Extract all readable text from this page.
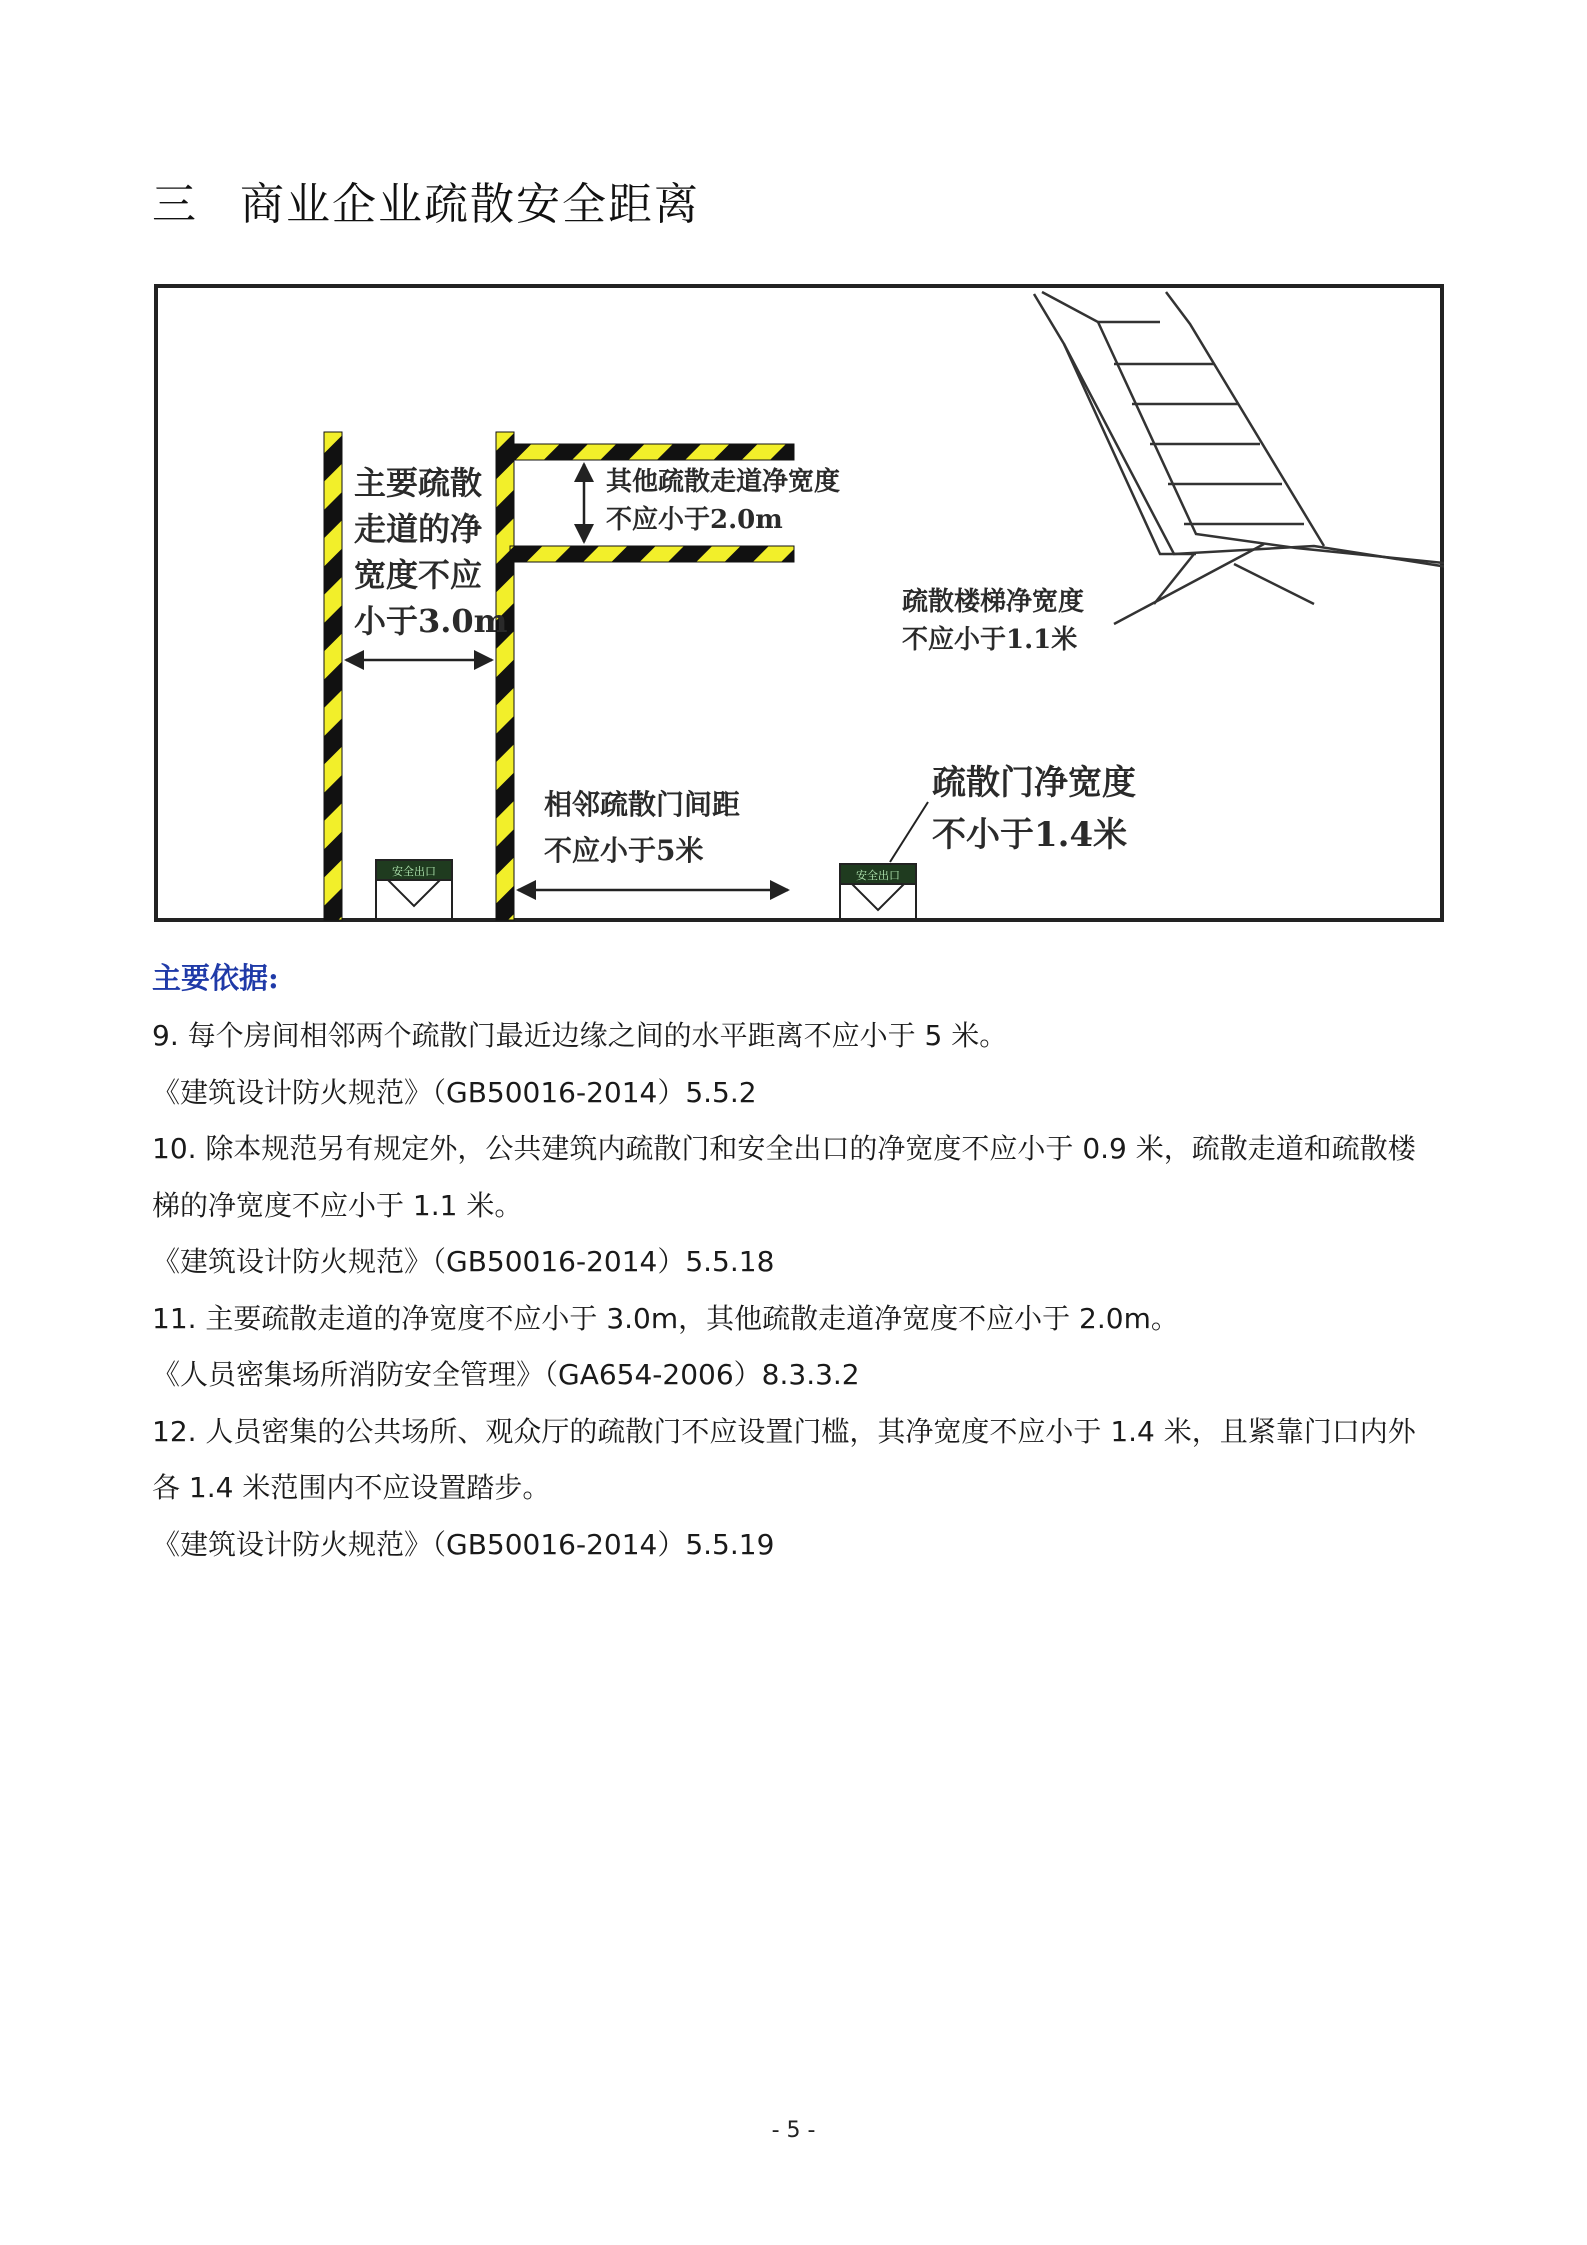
三 商业企业疏散安全距离
安全出口	安全出口
主要疏散
走道的净
宽度不应
小于3.0m
其他疏散走道净宽度
不应小于2.0m
疏散楼梯净宽度
不应小于1.1米
相邻疏散门间距
不应小于5米
疏散门净宽度
不小于1.4米
主要依据:
9. 每个房间相邻两个疏散门最近边缘之间的水平距离不应小于 5 米。
《建筑设计防火规范》（GB50016-2014）5.5.2
10. 除本规范另有规定外，公共建筑内疏散门和安全出口的净宽度不应小于 0.9 米，疏散走道和疏散楼
梯的净宽度不应小于 1.1 米。
《建筑设计防火规范》（GB50016-2014）5.5.18
11. 主要疏散走道的净宽度不应小于 3.0m，其他疏散走道净宽度不应小于 2.0m。
《人员密集场所消防安全管理》（GA654-2006）8.3.3.2
12. 人员密集的公共场所、观众厅的疏散门不应设置门槛，其净宽度不应小于 1.4 米，且紧靠门口内外
各 1.4 米范围内不应设置踏步。
《建筑设计防火规范》（GB50016-2014）5.5.19
- 5 -
